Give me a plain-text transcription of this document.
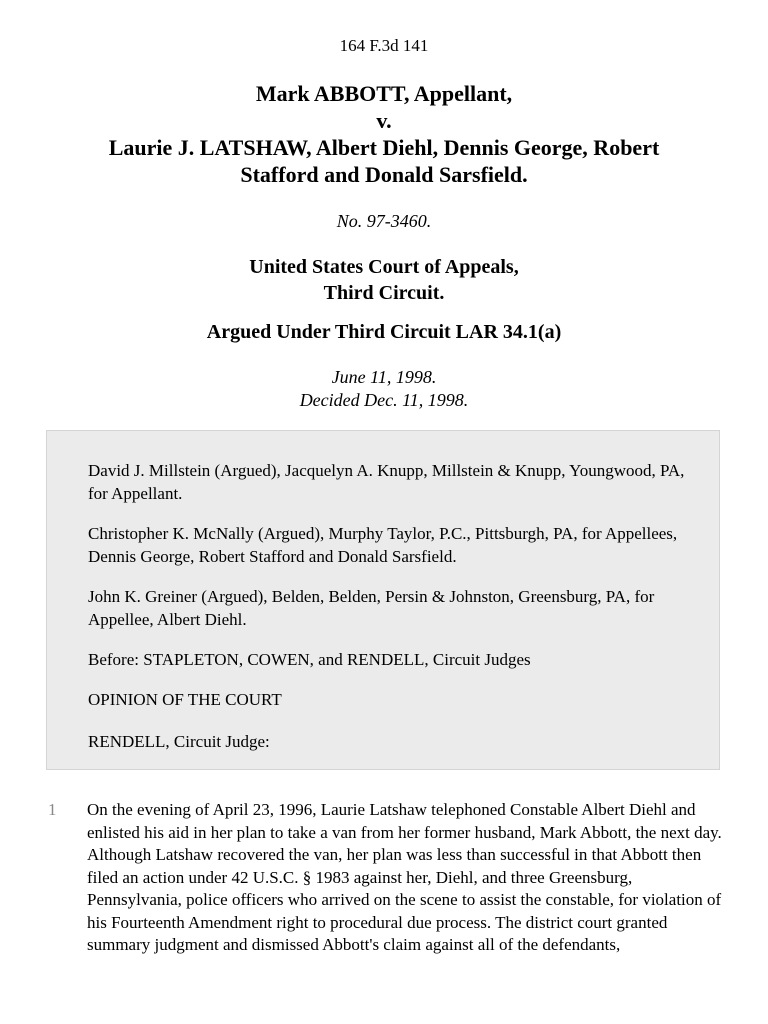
164 F.3d 141
Mark ABBOTT, Appellant,
v.
Laurie J. LATSHAW, Albert Diehl, Dennis George, Robert
Stafford and Donald Sarsfield.
No. 97-3460.
United States Court of Appeals,
Third Circuit.
Argued Under Third Circuit LAR 34.1(a)
June 11, 1998.
Decided Dec. 11, 1998.

David J. Millstein (Argued), Jacquelyn A. Knupp, Millstein & Knupp, Youngwood, PA, for Appellant.

Christopher K. McNally (Argued), Murphy Taylor, P.C., Pittsburgh, PA, for Appellees, Dennis George, Robert Stafford and Donald Sarsfield.

John K. Greiner (Argued), Belden, Belden, Persin & Johnston, Greensburg, PA, for Appellee, Albert Diehl.

Before: STAPLETON, COWEN, and RENDELL, Circuit Judges

OPINION OF THE COURT

RENDELL, Circuit Judge:

1 On the evening of April 23, 1996, Laurie Latshaw telephoned Constable Albert Diehl and enlisted his aid in her plan to take a van from her former husband, Mark Abbott, the next day. Although Latshaw recovered the van, her plan was less than successful in that Abbott then filed an action under 42 U.S.C. § 1983 against her, Diehl, and three Greensburg, Pennsylvania, police officers who arrived on the scene to assist the constable, for violation of his Fourteenth Amendment right to procedural due process. The district court granted summary judgment and dismissed Abbott's claim against all of the defendants,
